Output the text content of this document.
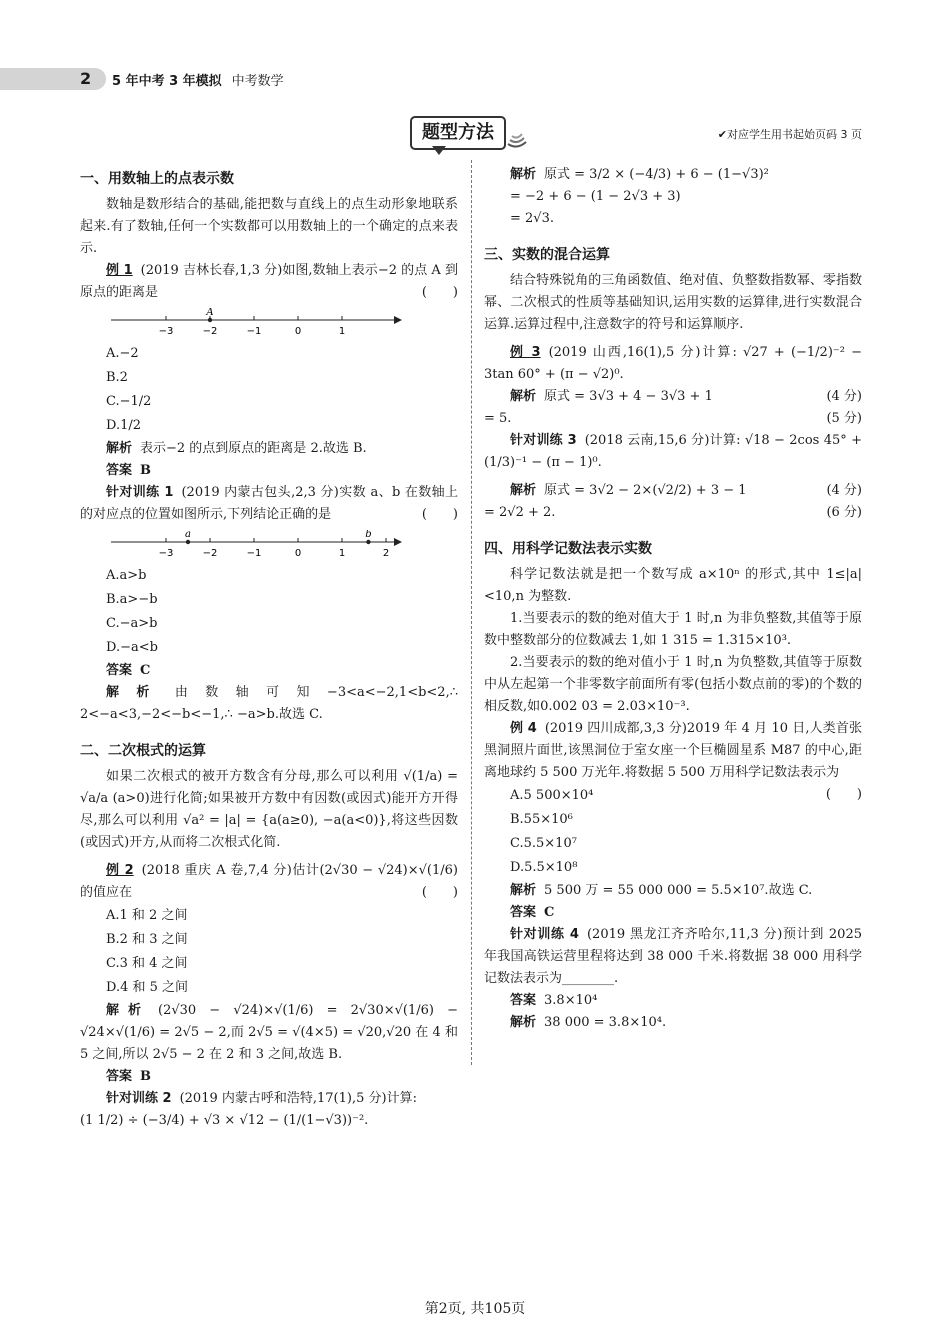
2 5 年中考 3 年模拟 中考数学
题型方法	✔对应学生用书起始页码 3 页
一、用数轴上的点表示数

数轴是数形结合的基础,能把数与直线上的点生动形象地联系起来.有了数轴,任何一个实数都可以用数轴上的一个确定的点来表示.

例 1 (2019 吉林长春,1,3 分)如图,数轴上表示−2 的点 A 到原点的距离是	(　　)

−3	−2	−1	0	1
A
A.−2
B.2
C.−1/2
D.1/2

解析 表示−2 的点到原点的距离是 2.故选 B.

答案 B

针对训练 1 (2019 内蒙古包头,2,3 分)实数 a、b 在数轴上的对应点的位置如图所示,下列结论正确的是	(　　)

−3	−2	−1	0	1	2
a	b
A.a>b
B.a>−b
C.−a>b
D.−a<b

答案 C

解析 由数轴可知−3<a<−2,1<b<2,∴ 2<−a<3,−2<−b<−1,∴ −a>b.故选 C.

二、二次根式的运算

如果二次根式的被开方数含有分母,那么可以利用 √(1/a) = √a/a (a>0)进行化简;如果被开方数中有因数(或因式)能开方开得尽,那么可以利用 √a² = |a| = {a(a≥0), −a(a<0)},将这些因数(或因式)开方,从而将二次根式化简.

例 2 (2018 重庆 A 卷,7,4 分)估计(2√30 − √24)×√(1/6) 的值应在	(　　)

A.1 和 2 之间
B.2 和 3 之间
C.3 和 4 之间
D.4 和 5 之间

解析 (2√30 − √24)×√(1/6) = 2√30×√(1/6) − √24×√(1/6) = 2√5 − 2,而 2√5 = √(4×5) = √20,√20 在 4 和 5 之间,所以 2√5 − 2 在 2 和 3 之间,故选 B.

答案 B

针对训练 2 (2019 内蒙古呼和浩特,17(1),5 分)计算:

(1 1/2) ÷ (−3/4) + √3 × √12 − (1/(1−√3))⁻².

解析 原式 = 3/2 × (−4/3) + 6 − (1−√3)²

= −2 + 6 − (1 − 2√3 + 3)

= 2√3.

三、实数的混合运算

结合特殊锐角的三角函数值、绝对值、负整数指数幂、零指数幂、二次根式的性质等基础知识,运用实数的运算律,进行实数混合运算.运算过程中,注意数字的符号和运算顺序.

例 3 (2019 山西,16(1),5 分)计算: √27 + (−1/2)⁻² − 3tan 60° + (π − √2)⁰.

解析 原式 = 3√3 + 4 − 3√3 + 1	(4 分)
= 5.	(5 分)

针对训练 3 (2018 云南,15,6 分)计算: √18 − 2cos 45° + (1/3)⁻¹ − (π − 1)⁰.

解析 原式 = 3√2 − 2×(√2/2) + 3 − 1	(4 分)
= 2√2 + 2.	(6 分)
四、用科学记数法表示实数

科学记数法就是把一个数写成 a×10ⁿ 的形式,其中 1≤|a|<10,n 为整数.

1.当要表示的数的绝对值大于 1 时,n 为非负整数,其值等于原数中整数部分的位数减去 1,如 1 315 = 1.315×10³.

2.当要表示的数的绝对值小于 1 时,n 为负整数,其值等于原数中从左起第一个非零数字前面所有零(包括小数点前的零)的个数的相反数,如0.002 03 = 2.03×10⁻³.

例 4 (2019 四川成都,3,3 分)2019 年 4 月 10 日,人类首张黑洞照片面世,该黑洞位于室女座一个巨椭圆星系 M87 的中心,距离地球约 5 500 万光年.将数据 5 500 万用科学记数法表示为
(　　)

A.5 500×10⁴
B.55×10⁶
C.5.5×10⁷
D.5.5×10⁸

解析 5 500 万 = 55 000 000 = 5.5×10⁷.故选 C.

答案 C

针对训练 4 (2019 黑龙江齐齐哈尔,11,3 分)预计到 2025 年我国高铁运营里程将达到 38 000 千米.将数据 38 000 用科学记数法表示为________.

答案 3.8×10⁴

解析 38 000 = 3.8×10⁴.

第2页, 共105页
